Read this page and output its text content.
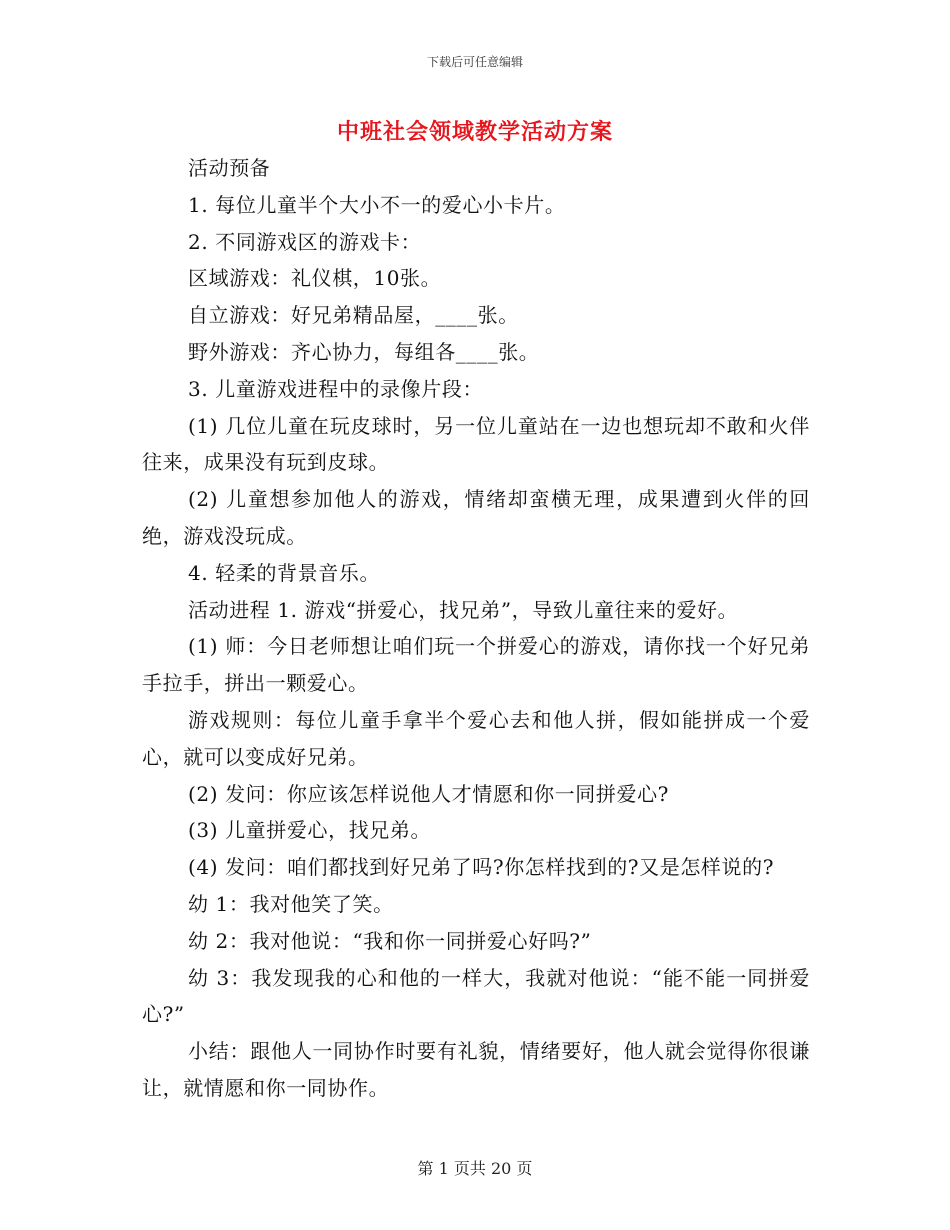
下载后可任意编辑
中班社会领域教学活动方案

活动预备

1. 每位儿童半个大小不一的爱心小卡片。

2. 不同游戏区的游戏卡：

区域游戏：礼仪棋，10张。

自立游戏：好兄弟精品屋，____张。

野外游戏：齐心协力，每组各____张。

3. 儿童游戏进程中的录像片段：

(1) 几位儿童在玩皮球时，另一位儿童站在一边也想玩却不敢和火伴往来，成果没有玩到皮球。

(2) 儿童想参加他人的游戏，情绪却蛮横无理，成果遭到火伴的回绝，游戏没玩成。

4. 轻柔的背景音乐。

活动进程 1. 游戏“拼爱心，找兄弟”，导致儿童往来的爱好。

(1) 师：今日老师想让咱们玩一个拼爱心的游戏，请你找一个好兄弟手拉手，拼出一颗爱心。

游戏规则：每位儿童手拿半个爱心去和他人拼，假如能拼成一个爱心，就可以变成好兄弟。

(2) 发问：你应该怎样说他人才情愿和你一同拼爱心?

(3) 儿童拼爱心，找兄弟。

(4) 发问：咱们都找到好兄弟了吗?你怎样找到的?又是怎样说的?

幼 1：我对他笑了笑。

幼 2：我对他说：“我和你一同拼爱心好吗?”

幼 3：我发现我的心和他的一样大，我就对他说：“能不能一同拼爱心?”

小结：跟他人一同协作时要有礼貌，情绪要好，他人就会觉得你很谦让，就情愿和你一同协作。

第 1 页共 20 页
